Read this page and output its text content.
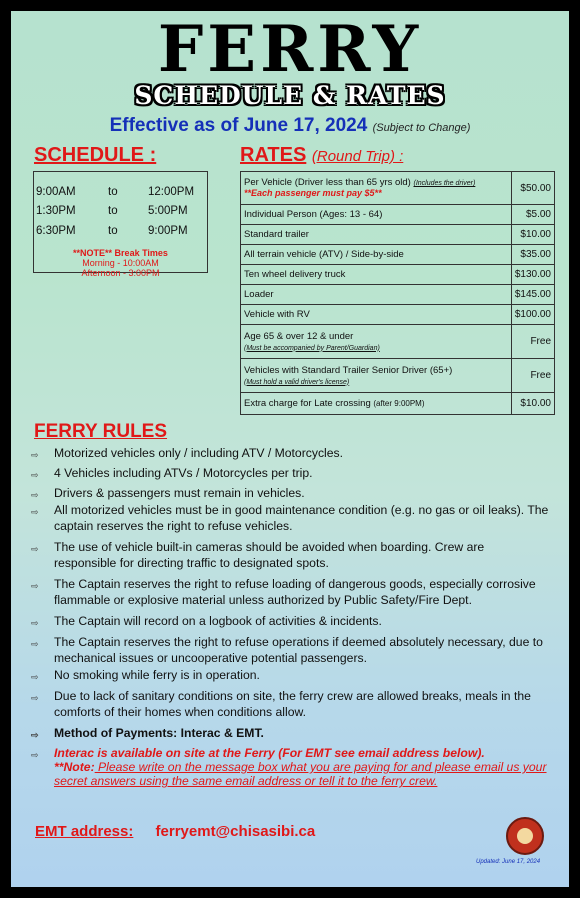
FERRY
SCHEDULE & RATES
Effective as of June 17, 2024 (Subject to Change)
SCHEDULE :	RATES (Round Trip) :
9:00AM	to	12:00PM
1:30PM	to	5:00PM
6:30PM	to	9:00PM
**NOTE** Break Times
Morning - 10:00AM
Afternoon - 3:00PM
Per Vehicle (Driver less than 65 yrs old) (Includes the driver)
**Each passenger must pay $5**	$50.00
Individual Person (Ages: 13 - 64)	$5.00
Standard trailer	$10.00
All terrain vehicle (ATV) / Side-by-side	$35.00
Ten wheel delivery truck	$130.00
Loader	$145.00
Vehicle with RV	$100.00
Age 65 & over 12 & under
(Must be accompanied by Parent/Guardian)	Free
Vehicles with Standard Trailer Senior Driver (65+)
(Must hold a valid driver's license)	Free
Extra charge for Late crossing (after 9:00PM)	$10.00
FERRY RULES
⇨ Motorized vehicles only / including ATV / Motorcycles.
⇨ 4 Vehicles including ATVs / Motorcycles per trip.
⇨ Drivers & passengers must remain in vehicles.
⇨ All motorized vehicles must be in good maintenance condition (e.g. no gas or oil leaks). The captain reserves the right to refuse vehicles.
⇨ The use of vehicle built-in cameras should be avoided when boarding. Crew are responsible for directing traffic to designated spots.
⇨ The Captain reserves the right to refuse loading of dangerous goods, especially corrosive flammable or explosive material unless authorized by Public Safety/Fire Dept.
⇨ The Captain will record on a logbook of activities & incidents.
⇨ The Captain reserves the right to refuse operations if deemed absolutely necessary, due to mechanical issues or uncooperative potential passengers.
⇨ No smoking while ferry is in operation.
⇨ Due to lack of sanitary conditions on site, the ferry crew are allowed breaks, meals in the comforts of their homes when conditions allow.
⇨ Method of Payments: Interac & EMT.
⇨ Interac is available on site at the Ferry (For EMT see email address below).
**Note: Please write on the message box what you are paying for and please email us your secret answers using the same email address or tell it to the ferry crew.
EMT address: ferryemt@chisasibi.ca
Updated: June 17, 2024
